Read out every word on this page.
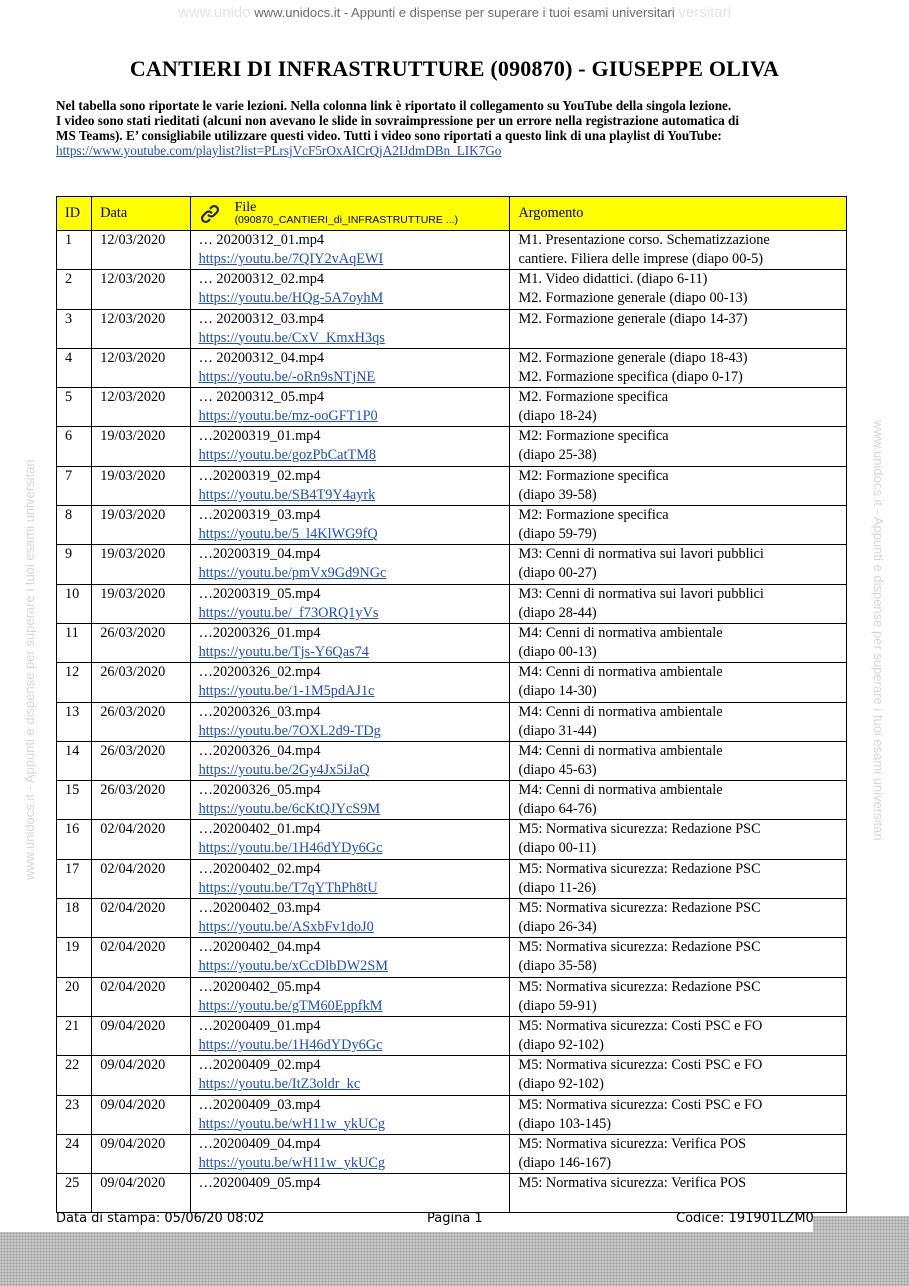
www.unido www.unidocs.it - Appunti e dispense per superare i tuoi esami universitari versitari
www.unidocs.it - Appunti e dispense per superare i tuoi esami universitari	www.unidocs.it - Appunti e dispense per superare i tuoi esami universitari
CANTIERI DI INFRASTRUTTURE (090870) - GIUSEPPE OLIVA
Nel tabella sono riportate le varie lezioni. Nella colonna link è riportato il collegamento su YouTube della singola lezione.
I video sono stati rieditati (alcuni non avevano le slide in sovraimpressione per un errore nella registrazione automatica di
MS Teams). E’ consigliabile utilizzare questi video. Tutti i video sono riportati a questo link di una playlist di YouTube:
https://www.youtube.com/playlist?list=PLrsjVcF5rOxAICrQjA2IJdmDBn_LIK7Go
ID	Data	File
(090870_CANTIERI_di_INFRASTRUTTURE ...)	Argomento
1	12/03/2020	… 20200312_01.mp4
https://youtu.be/7QIY2vAqEWI	M1. Presentazione corso. Schematizzazione
cantiere. Filiera delle imprese (diapo 00-5)

2	12/03/2020	… 20200312_02.mp4
https://youtu.be/HQg-5A7oyhM	M1. Video didattici. (diapo 6-11)
M2. Formazione generale (diapo 00-13)

3	12/03/2020	… 20200312_03.mp4
https://youtu.be/CxV_KmxH3qs	M2. Formazione generale (diapo 14-37)

4	12/03/2020	… 20200312_04.mp4
https://youtu.be/-oRn9sNTjNE	M2. Formazione generale (diapo 18-43)
M2. Formazione specifica (diapo 0-17)

5	12/03/2020	… 20200312_05.mp4
https://youtu.be/mz-ooGFT1P0	M2. Formazione specifica
(diapo 18-24)

6	19/03/2020	…20200319_01.mp4
https://youtu.be/gozPbCatTM8	M2: Formazione specifica
(diapo 25-38)

7	19/03/2020	…20200319_02.mp4
https://youtu.be/SB4T9Y4ayrk	M2: Formazione specifica
(diapo 39-58)

8	19/03/2020	…20200319_03.mp4
https://youtu.be/5_l4KlWG9fQ	M2: Formazione specifica
(diapo 59-79)

9	19/03/2020	…20200319_04.mp4
https://youtu.be/pmVx9Gd9NGc	M3: Cenni di normativa sui lavori pubblici
(diapo 00-27)

10	19/03/2020	…20200319_05.mp4
https://youtu.be/_f73ORQ1yVs	M3: Cenni di normativa sui lavori pubblici
(diapo 28-44)

11	26/03/2020	…20200326_01.mp4
https://youtu.be/Tjs-Y6Qas74	M4: Cenni di normativa ambientale
(diapo 00-13)

12	26/03/2020	…20200326_02.mp4
https://youtu.be/1-1M5pdAJ1c	M4: Cenni di normativa ambientale
(diapo 14-30)

13	26/03/2020	…20200326_03.mp4
https://youtu.be/7OXL2d9-TDg	M4: Cenni di normativa ambientale
(diapo 31-44)

14	26/03/2020	…20200326_04.mp4
https://youtu.be/2Gy4Jx5iJaQ	M4: Cenni di normativa ambientale
(diapo 45-63)

15	26/03/2020	…20200326_05.mp4
https://youtu.be/6cKtQJYcS9M	M4: Cenni di normativa ambientale
(diapo 64-76)

16	02/04/2020	…20200402_01.mp4
https://youtu.be/1H46dYDy6Gc	M5: Normativa sicurezza: Redazione PSC
(diapo 00-11)

17	02/04/2020	…20200402_02.mp4
https://youtu.be/T7qYThPh8tU	M5: Normativa sicurezza: Redazione PSC
(diapo 11-26)

18	02/04/2020	…20200402_03.mp4
https://youtu.be/ASxbFv1doJ0	M5: Normativa sicurezza: Redazione PSC
(diapo 26-34)

19	02/04/2020	…20200402_04.mp4
https://youtu.be/xCcDlbDW2SM	M5: Normativa sicurezza: Redazione PSC
(diapo 35-58)

20	02/04/2020	…20200402_05.mp4
https://youtu.be/gTM60EppfkM	M5: Normativa sicurezza: Redazione PSC
(diapo 59-91)

21	09/04/2020	…20200409_01.mp4
https://youtu.be/1H46dYDy6Gc	M5: Normativa sicurezza: Costi PSC e FO
(diapo 92-102)

22	09/04/2020	…20200409_02.mp4
https://youtu.be/ItZ3oldr_kc	M5: Normativa sicurezza: Costi PSC e FO
(diapo 92-102)

23	09/04/2020	…20200409_03.mp4
https://youtu.be/wH11w_ykUCg	M5: Normativa sicurezza: Costi PSC e FO
(diapo 103-145)

24	09/04/2020	…20200409_04.mp4
https://youtu.be/wH11w_ykUCg	M5: Normativa sicurezza: Verifica POS
(diapo 146-167)

25	09/04/2020	…20200409_05.mp4	M5: Normativa sicurezza: Verifica POS
Data di stampa: 05/06/20 08:02	Pagina 1	Codice: 191901LZM0
